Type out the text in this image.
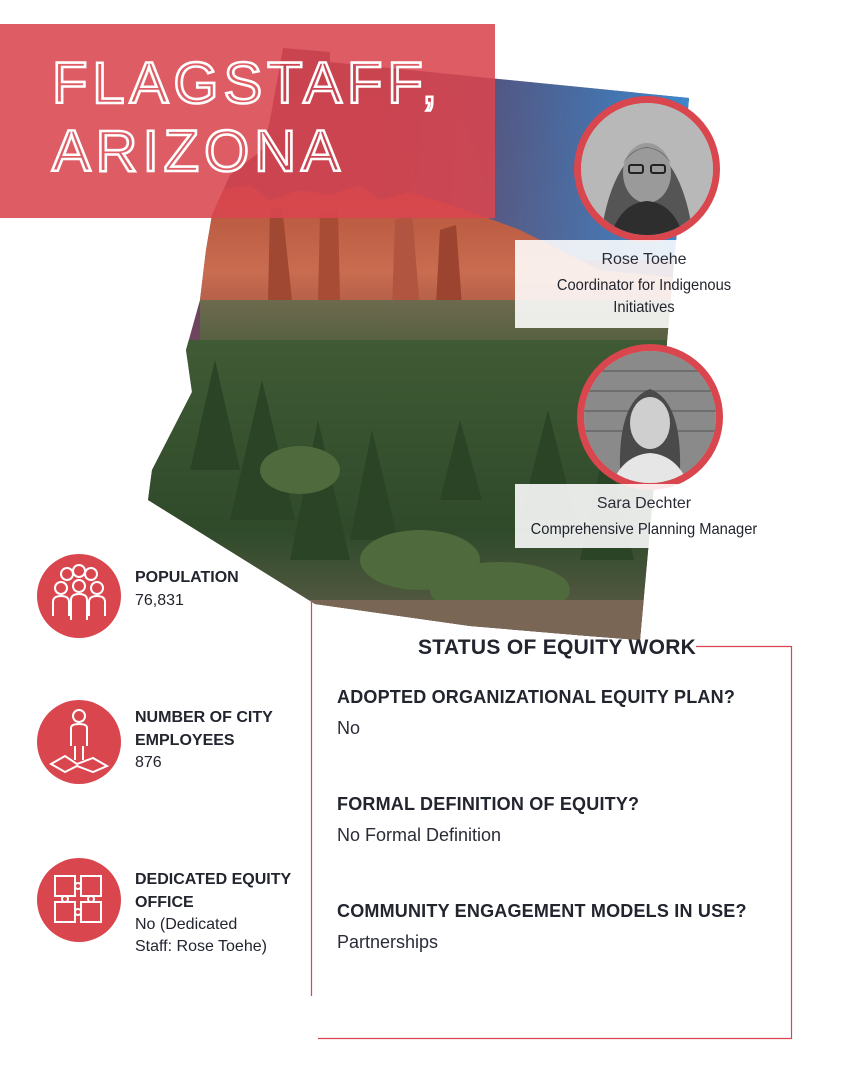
FLAGSTAFF,
ARIZONA
Rose Toehe
Coordinator for Indigenous
Initiatives
Sara Dechter
Comprehensive Planning Manager
POPULATION
76,831
NUMBER OF CITY
EMPLOYEES
876
DEDICATED EQUITY
OFFICE
No (Dedicated
Staff: Rose Toehe)
STATUS OF EQUITY WORK
ADOPTED ORGANIZATIONAL EQUITY PLAN?
No
FORMAL DEFINITION OF EQUITY?
No Formal Definition
COMMUNITY ENGAGEMENT MODELS IN USE?
Partnerships
